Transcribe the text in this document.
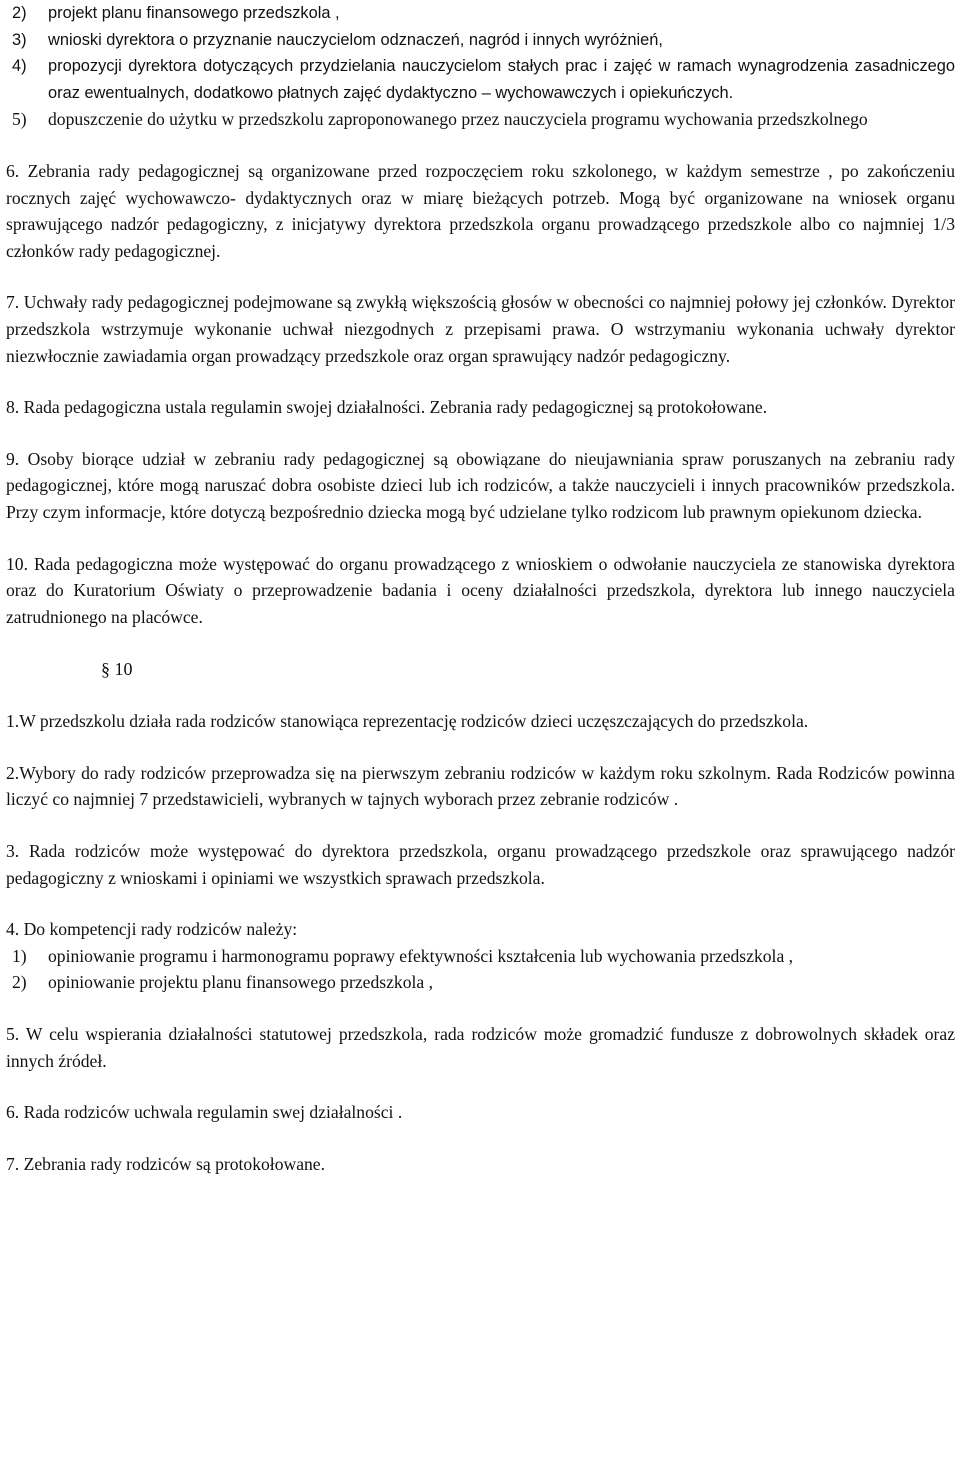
2)	projekt planu finansowego przedszkola ,
3)	wnioski dyrektora o przyznanie nauczycielom odznaczeń, nagród i innych wyróżnień,
4)	propozycji dyrektora dotyczących przydzielania nauczycielom stałych prac i zajęć w ramach wynagrodzenia zasadniczego oraz ewentualnych, dodatkowo płatnych zajęć dydaktyczno – wychowawczych i opiekuńczych.
5)	dopuszczenie do użytku w przedszkolu zaproponowanego przez nauczyciela programu wychowania przedszkolnego

6. Zebrania rady pedagogicznej są organizowane przed rozpoczęciem roku szkolonego, w każdym semestrze , po zakończeniu rocznych zajęć wychowawczo- dydaktycznych oraz w miarę bieżących potrzeb. Mogą być organizowane na wniosek organu sprawującego nadzór pedagogiczny, z inicjatywy dyrektora przedszkola organu prowadzącego przedszkole albo co najmniej 1/3 członków rady pedagogicznej.

7. Uchwały rady pedagogicznej podejmowane są zwykłą większością głosów w obecności co najmniej połowy jej członków. Dyrektor przedszkola wstrzymuje wykonanie uchwał niezgodnych z przepisami prawa. O wstrzymaniu wykonania uchwały dyrektor niezwłocznie zawiadamia organ prowadzący przedszkole oraz organ sprawujący nadzór pedagogiczny.

8. Rada pedagogiczna ustala regulamin swojej działalności. Zebrania rady pedagogicznej są protokołowane.

9. Osoby biorące udział w zebraniu rady pedagogicznej są obowiązane do nieujawniania spraw poruszanych na zebraniu rady pedagogicznej, które mogą naruszać dobra osobiste dzieci lub ich rodziców, a także nauczycieli i innych pracowników przedszkola. Przy czym informacje, które dotyczą bezpośrednio dziecka mogą być udzielane tylko rodzicom lub prawnym opiekunom dziecka.

10. Rada pedagogiczna może występować do organu prowadzącego z wnioskiem o odwołanie nauczyciela ze stanowiska dyrektora oraz do Kuratorium Oświaty o przeprowadzenie badania i oceny działalności przedszkola, dyrektora lub innego nauczyciela zatrudnionego na placówce.

§ 10

1.W przedszkolu działa rada rodziców stanowiąca reprezentację rodziców dzieci uczęszczających do przedszkola.

2.Wybory do rady rodziców przeprowadza się na pierwszym zebraniu rodziców w każdym roku szkolnym. Rada Rodziców powinna liczyć co najmniej 7 przedstawicieli, wybranych w tajnych wyborach przez zebranie rodziców .

3. Rada rodziców może występować do dyrektora przedszkola, organu prowadzącego przedszkole oraz sprawującego nadzór pedagogiczny z wnioskami i opiniami we wszystkich sprawach przedszkola.

4. Do kompetencji rady rodziców należy:

1)	opiniowanie programu i harmonogramu poprawy efektywności kształcenia lub wychowania przedszkola ,
2)	opiniowanie projektu planu finansowego przedszkola ,

5. W celu wspierania działalności statutowej przedszkola, rada rodziców może gromadzić fundusze z dobrowolnych składek oraz innych źródeł.

6. Rada rodziców uchwala regulamin swej działalności .

7. Zebrania rady rodziców są protokołowane.
